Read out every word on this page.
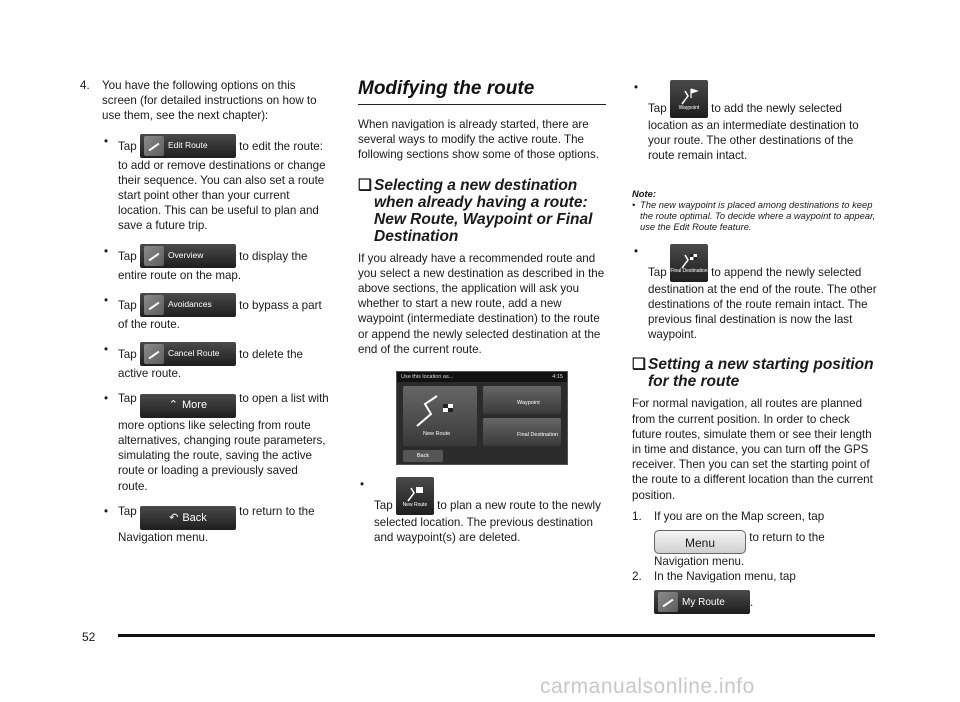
4.	You have the following options on this screen (for detailed instructions on how to use them, see the next chapter):
• Tap	Edit Route	to edit the route: to add or remove destinations or change their sequence. You can also set a route start point other than your current location. This can be useful to plan and save a future trip.
• Tap	Overview	to display the entire route on the map.
• Tap	Avoidances to bypass a part of the route.
• Tap	Cancel Route to delete the active route.
• Tap	⌃ More	to open a list with more options like selecting from route alternatives, changing route parameters, simulating the route, saving the active route or loading a previously saved route.
• Tap	↶ Back	to return to the Navigation menu.
Modifying the route

When navigation is already started, there are several ways to modify the active route. The following sections show some of those options.

❑ Selecting a new destination when already having a route: New Route, Waypoint or Final Destination

If you already have a recommended route and you select a new destination as described in the above sections, the application will ask you whether to start a new route, add a new waypoint (intermediate destination) to the route or append the newly selected destination at the end of the current route.

Use this location as...	4:15
New Route
Waypoint
Final Destination
Back
•
Tap	New Route to plan a new route to the newly selected location. The previous destination and waypoint(s) are deleted.
•
Tap	Waypoint	to add the newly selected location as an intermediate destination to your route. The other destinations of the route remain intact.
Note:
• The new waypoint is placed among destinations to keep the route optimal. To decide where a waypoint to appear, use the Edit Route feature.
•
Tap Final Destination to append the newly selected destination at the end of the route. The other destinations of the route remain intact. The previous final destination is now the last waypoint.
❑ Setting a new starting position for the route

For normal navigation, all routes are planned from the current position. In order to check future routes, simulate them or see their length in time and distance, you can turn off the GPS receiver. Then you can set the starting point of the route to a different location than the current position.

1.	If you are on the Map screen, tap
Menu	to return to the Navigation menu.
2.	In the Navigation menu, tap

My Route .
52
carmanualsonline.info
